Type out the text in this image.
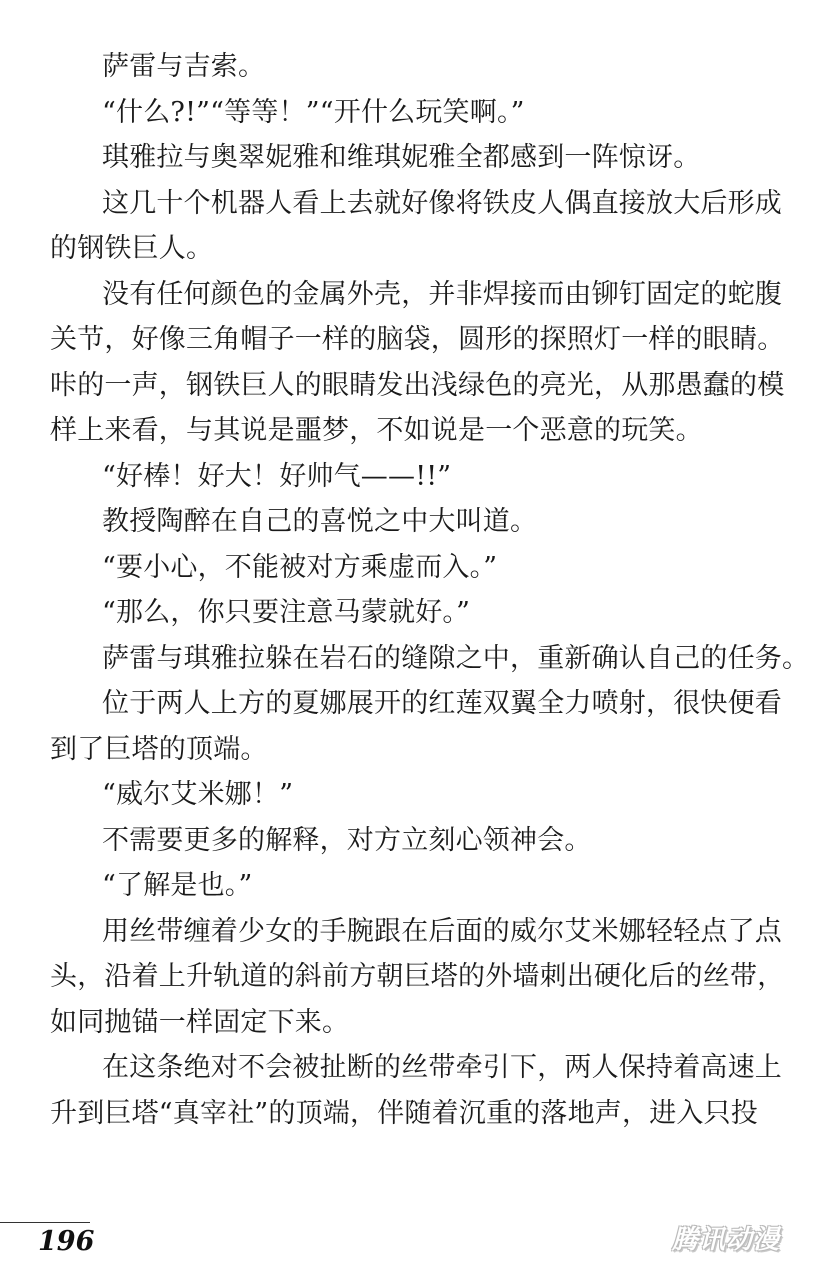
萨雷与吉索。
“什么?!”“等等！”“开什么玩笑啊。”
琪雅拉与奥翠妮雅和维琪妮雅全都感到一阵惊讶。
这几十个机器人看上去就好像将铁皮人偶直接放大后形成
的钢铁巨人。
没有任何颜色的金属外壳，并非焊接而由铆钉固定的蛇腹
关节，好像三角帽子一样的脑袋，圆形的探照灯一样的眼睛。
咔的一声，钢铁巨人的眼睛发出浅绿色的亮光，从那愚蠢的模
样上来看，与其说是噩梦，不如说是一个恶意的玩笑。
“好棒！好大！好帅气——!!”
教授陶醉在自己的喜悦之中大叫道。
“要小心，不能被对方乘虚而入。”
“那么，你只要注意马蒙就好。”
萨雷与琪雅拉躲在岩石的缝隙之中，重新确认自己的任务。
位于两人上方的夏娜展开的红莲双翼全力喷射，很快便看
到了巨塔的顶端。
“威尔艾米娜！”
不需要更多的解释，对方立刻心领神会。
“了解是也。”
用丝带缠着少女的手腕跟在后面的威尔艾米娜轻轻点了点
头，沿着上升轨道的斜前方朝巨塔的外墙刺出硬化后的丝带，
如同抛锚一样固定下来。
在这条绝对不会被扯断的丝带牵引下，两人保持着高速上
升到巨塔“真宰社”的顶端，伴随着沉重的落地声，进入只投
196	腾讯动漫
